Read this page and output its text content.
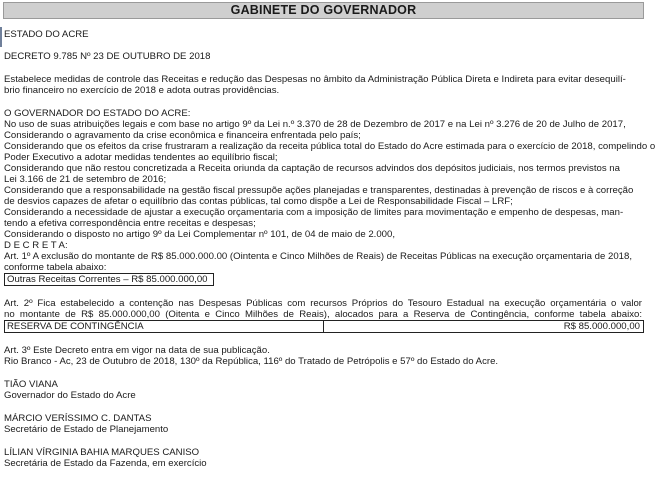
GABINETE DO GOVERNADOR

ESTADO DO ACRE

DECRETO 9.785 Nº 23 DE OUTUBRO DE 2018

Estabelece medidas de controle das Receitas e redução das Despesas no âmbito da Administração Pública Direta e Indireta para evitar desequilí-

brio financeiro no exercício de 2018 e adota outras providências.

O GOVERNADOR DO ESTADO DO ACRE:

No uso de suas atribuições legais e com base no artigo 9º da Lei n.º 3.370 de 28 de Dezembro de 2017 e na Lei nº 3.276 de 20 de Julho de 2017,

Considerando o agravamento da crise econômica e financeira enfrentada pelo país;

Considerando que os efeitos da crise frustraram a realização da receita pública total do Estado do Acre estimada para o exercício de 2018, compelindo o

Poder Executivo a adotar medidas tendentes ao equilíbrio fiscal;

Considerando que não restou concretizada a Receita oriunda da captação de recursos advindos dos depósitos judiciais, nos termos previstos na

Lei 3.166 de 21 de setembro de 2016;

Considerando que a responsabilidade na gestão fiscal pressupõe ações planejadas e transparentes, destinadas à prevenção de riscos e à correção

de desvios capazes de afetar o equilíbrio das contas públicas, tal como dispõe a Lei de Responsabilidade Fiscal – LRF;

Considerando a necessidade de ajustar a execução orçamentaria com a imposição de limites para movimentação e empenho de despesas, man-

tendo a efetiva correspondência entre receitas e despesas;

Considerando o disposto no artigo 9º da Lei Complementar nº 101, de 04 de maio de 2.000,

D E C R E T A:

Art. 1º A exclusão do montante de R$ 85.000.000.00 (Ointenta e Cinco Milhões de Reais) de Receitas Públicas na execução orçamentaria de 2018,

conforme tabela abaixo:

Outras Receitas Correntes – R$ 85.000.000,00

Art. 2º Fica estabelecido a contenção nas Despesas Públicas com recursos Próprios do Tesouro Estadual na execução orçamentária o valor

no montante de R$ 85.000.000,00 (Oitenta e Cinco Milhões de Reais), alocados para a Reserva de Contingência, conforme tabela abaixo:

RESERVA DE CONTINGÊNCIA	R$ 85.000.000,00

Art. 3º Este Decreto entra em vigor na data de sua publicação.

Rio Branco - Ac, 23 de Outubro de 2018, 130º da República, 116º do Tratado de Petrópolis e 57º do Estado do Acre.

TIÃO VIANA

Governador do Estado do Acre

MÁRCIO VERÍSSIMO C. DANTAS

Secretário de Estado de Planejamento

LÍLIAN VÍRGINIA BAHIA MARQUES CANISO

Secretária de Estado da Fazenda, em exercício
